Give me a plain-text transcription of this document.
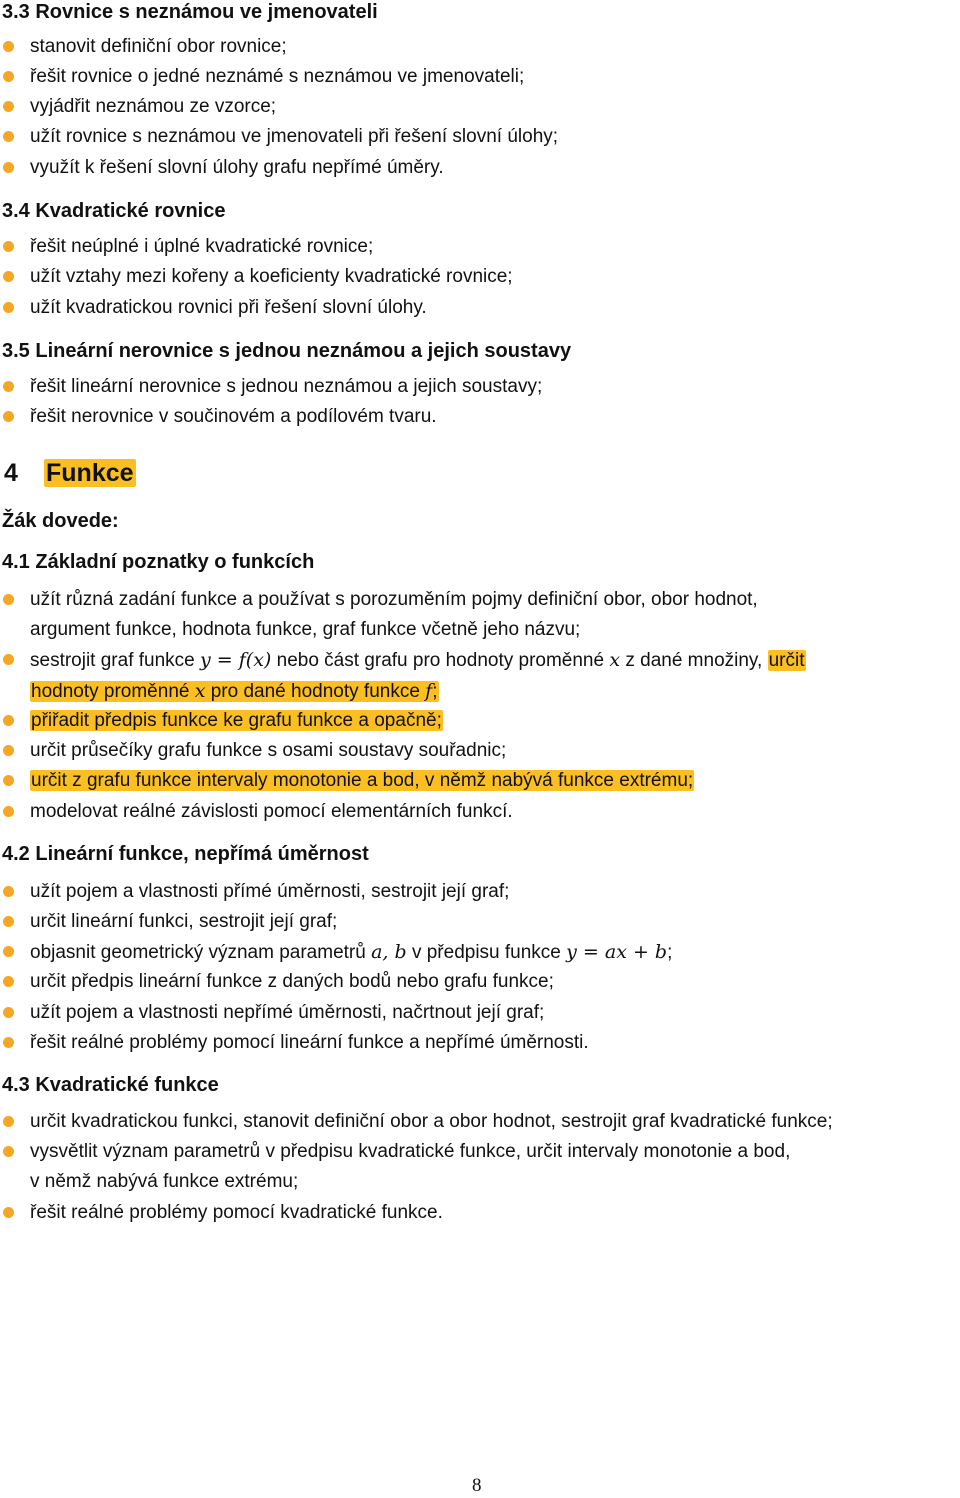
3.3 Rovnice s neznámou ve jmenovateli
stanovit definiční obor rovnice;
řešit rovnice o jedné neznámé s neznámou ve jmenovateli;
vyjádřit neznámou ze vzorce;
užít rovnice s neznámou ve jmenovateli při řešení slovní úlohy;
využít k řešení slovní úlohy grafu nepřímé úměry.
3.4 Kvadratické rovnice
řešit neúplné i úplné kvadratické rovnice;
užít vztahy mezi kořeny a koeficienty kvadratické rovnice;
užít kvadratickou rovnici při řešení slovní úlohy.
3.5 Lineární nerovnice s jednou neznámou a jejich soustavy
řešit lineární nerovnice s jednou neznámou a jejich soustavy;
řešit nerovnice v součinovém a podílovém tvaru.
4 Funkce
Žák dovede:
4.1 Základní poznatky o funkcích
užít různá zadání funkce a používat s porozuměním pojmy definiční obor, obor hodnot,
argument funkce, hodnota funkce, graf funkce včetně jeho názvu;
sestrojit graf funkce y = f(x) nebo část grafu pro hodnoty proměnné x z dané množiny, určit
hodnoty proměnné x pro dané hodnoty funkce f;
přiřadit předpis funkce ke grafu funkce a opačně;
určit průsečíky grafu funkce s osami soustavy souřadnic;
určit z grafu funkce intervaly monotonie a bod, v němž nabývá funkce extrému;
modelovat reálné závislosti pomocí elementárních funkcí.
4.2 Lineární funkce, nepřímá úměrnost
užít pojem a vlastnosti přímé úměrnosti, sestrojit její graf;
určit lineární funkci, sestrojit její graf;
objasnit geometrický význam parametrů a, b v předpisu funkce y = ax + b;
určit předpis lineární funkce z daných bodů nebo grafu funkce;
užít pojem a vlastnosti nepřímé úměrnosti, načrtnout její graf;
řešit reálné problémy pomocí lineární funkce a nepřímé úměrnosti.
4.3 Kvadratické funkce
určit kvadratickou funkci, stanovit definiční obor a obor hodnot, sestrojit graf kvadratické funkce;
vysvětlit význam parametrů v předpisu kvadratické funkce, určit intervaly monotonie a bod,
v němž nabývá funkce extrému;
řešit reálné problémy pomocí kvadratické funkce.
8
